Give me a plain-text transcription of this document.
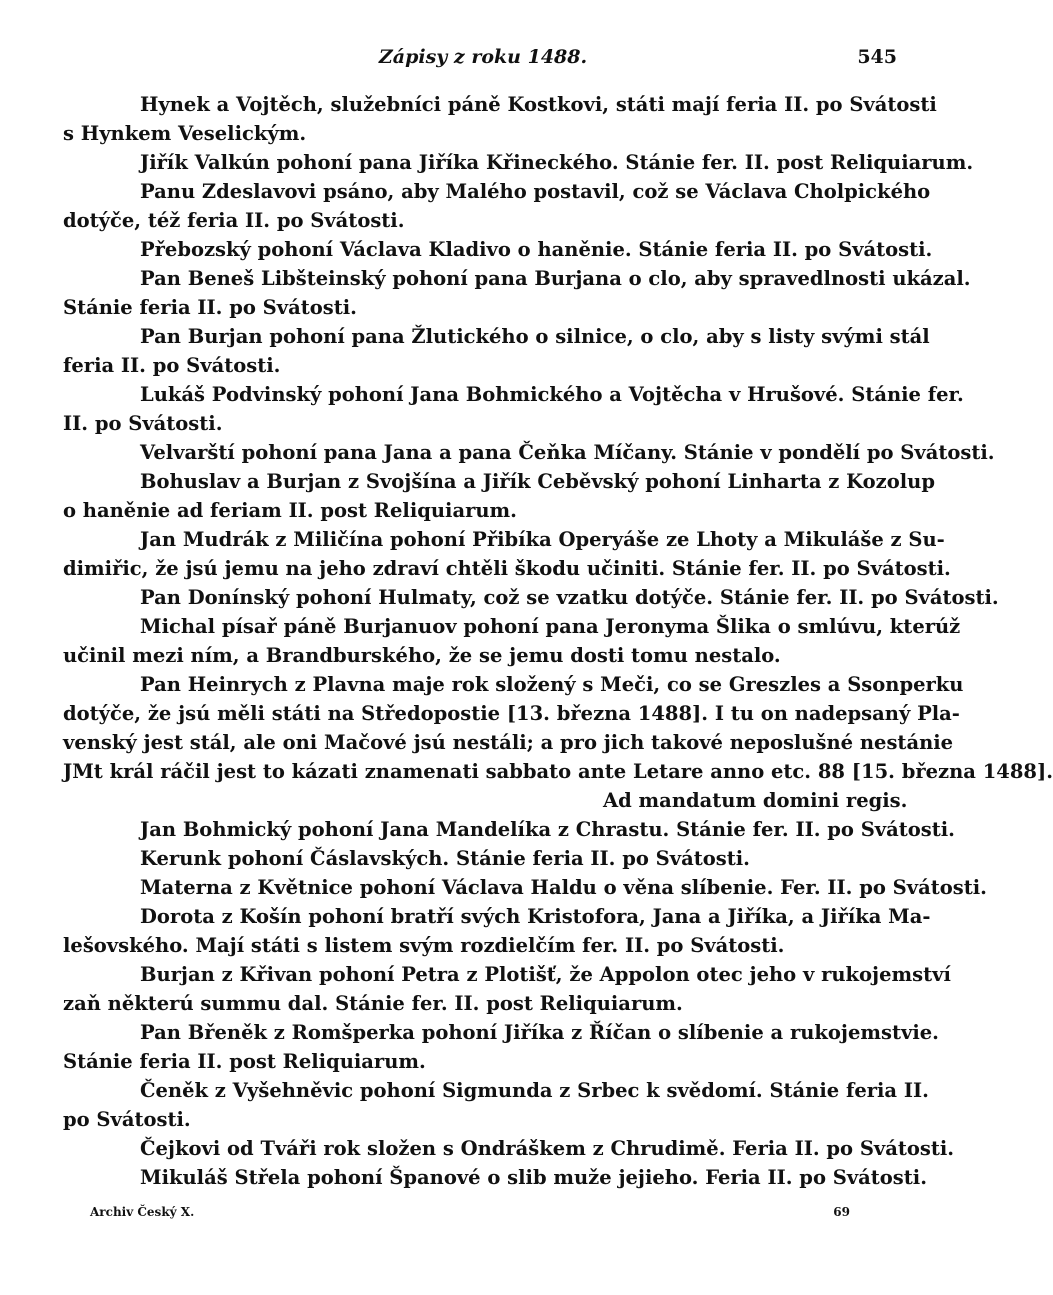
Zápisy z roku 1488.	545
Hynek a Vojtěch, služebníci páně Kostkovi, státi mají feria II. po Svátosti
s Hynkem Veselickým.
Jiřík Valkún pohoní pana Jiříka Křineckého. Stánie fer. II. post Reliquiarum.
Panu Zdeslavovi psáno, aby Malého postavil, což se Václava Cholpického
dotýče, též feria II. po Svátosti.
Přebozský pohoní Václava Kladivo o haněnie. Stánie feria II. po Svátosti.
Pan Beneš Libšteinský pohoní pana Burjana o clo, aby spravedlnosti ukázal.
Stánie feria II. po Svátosti.
Pan Burjan pohoní pana Žlutického o silnice, o clo, aby s listy svými stál
feria II. po Svátosti.
Lukáš Podvinský pohoní Jana Bohmického a Vojtěcha v Hrušové. Stánie fer.
II. po Svátosti.
Velvarští pohoní pana Jana a pana Čeňka Míčany. Stánie v pondělí po Svátosti.
Bohuslav a Burjan z Svojšína a Jiřík Ceběvský pohoní Linharta z Kozolup
o haněnie ad feriam II. post Reliquiarum.
Jan Mudrák z Miličína pohoní Přibíka Operyáše ze Lhoty a Mikuláše z Su-
dimiřic, že jsú jemu na jeho zdraví chtěli škodu učiniti. Stánie fer. II. po Svátosti.
Pan Donínský pohoní Hulmaty, což se vzatku dotýče. Stánie fer. II. po Svátosti.
Michal písař páně Burjanuov pohoní pana Jeronyma Šlika o smlúvu, kterúž
učinil mezi ním, a Brandburského, že se jemu dosti tomu nestalo.
Pan Heinrych z Plavna maje rok složený s Meči, co se Greszles a Ssonperku
dotýče, že jsú měli státi na Středopostie [13. března 1488]. I tu on nadepsaný Pla-
venský jest stál, ale oni Mačové jsú nestáli; a pro jich takové neposlušné nestánie
JMt král ráčil jest to kázati znamenati sabbato ante Letare anno etc. 88 [15. března 1488].
Ad mandatum domini regis.
Jan Bohmický pohoní Jana Mandelíka z Chrastu. Stánie fer. II. po Svátosti.
Kerunk pohoní Čáslavských. Stánie feria II. po Svátosti.
Materna z Květnice pohoní Václava Haldu o věna slíbenie. Fer. II. po Svátosti.
Dorota z Košín pohoní bratří svých Kristofora, Jana a Jiříka, a Jiříka Ma-
lešovského. Mají státi s listem svým rozdielčím fer. II. po Svátosti.
Burjan z Křivan pohoní Petra z Plotišť, že Appolon otec jeho v rukojemství
zaň některú summu dal. Stánie fer. II. post Reliquiarum.
Pan Břeněk z Romšperka pohoní Jiříka z Říčan o slíbenie a rukojemstvie.
Stánie feria II. post Reliquiarum.
Čeněk z Vyšehněvic pohoní Sigmunda z Srbec k svědomí. Stánie feria II.
po Svátosti.
Čejkovi od Tváři rok složen s Ondráškem z Chrudimě. Feria II. po Svátosti.
Mikuláš Střela pohoní Španové o slib muže jejieho. Feria II. po Svátosti.
Archiv Český X.	69
